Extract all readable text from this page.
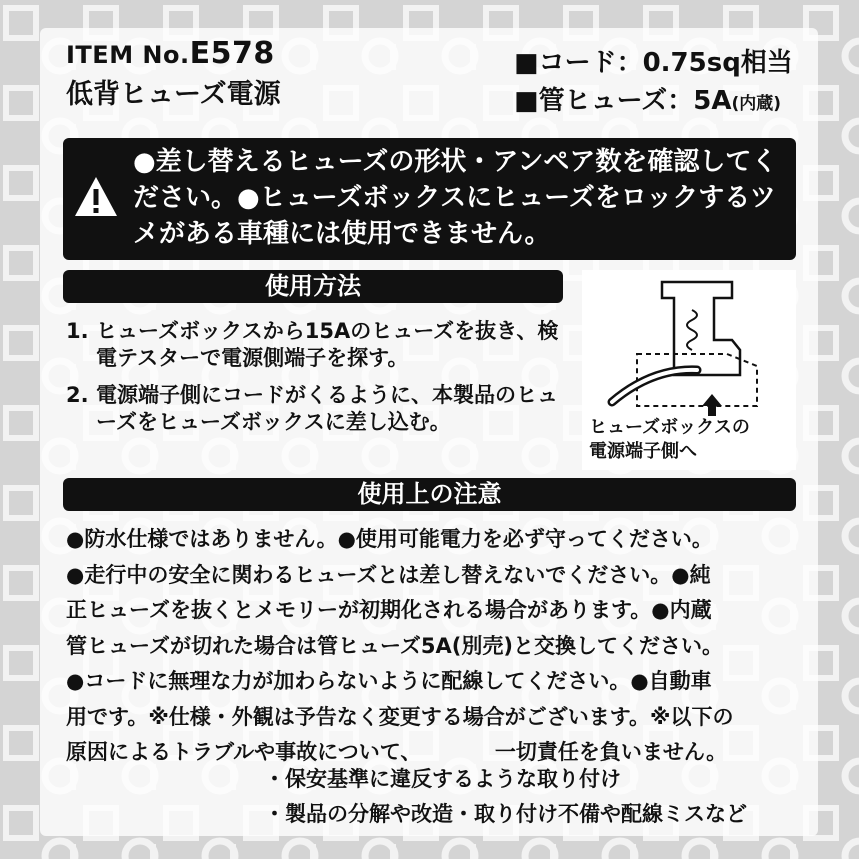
ITEM No.E578
低背ヒューズ電源
■コード：0.75sq相当
■管ヒューズ：5A(内蔵)
●差し替えるヒューズの形状・アンペア数を確認してください。●ヒューズボックスにヒューズをロックするツメがある車種には使用できません。
使用方法
1. ヒューズボックスから15Aのヒューズを抜き、検電テスターで電源側端子を探す。
2. 電源端子側にコードがくるように、本製品のヒューズをヒューズボックスに差し込む。	ヒューズボックスの
電源端子側へ
使用上の注意
●防水仕様ではありません。●使用可能電力を必ず守ってください。
●走行中の安全に関わるヒューズとは差し替えないでください。●純
正ヒューズを抜くとメモリーが初期化される場合があります。●内蔵
管ヒューズが切れた場合は管ヒューズ5A(別売)と交換してください。
●コードに無理な力が加わらないように配線してください。●自動車
用です。※仕様・外観は予告なく変更する場合がございます。※以下の
原因によるトラブルや事故について、　　　　一切責任を負いません。
・保安基準に違反するような取り付け
・製品の分解や改造・取り付け不備や配線ミスなど
